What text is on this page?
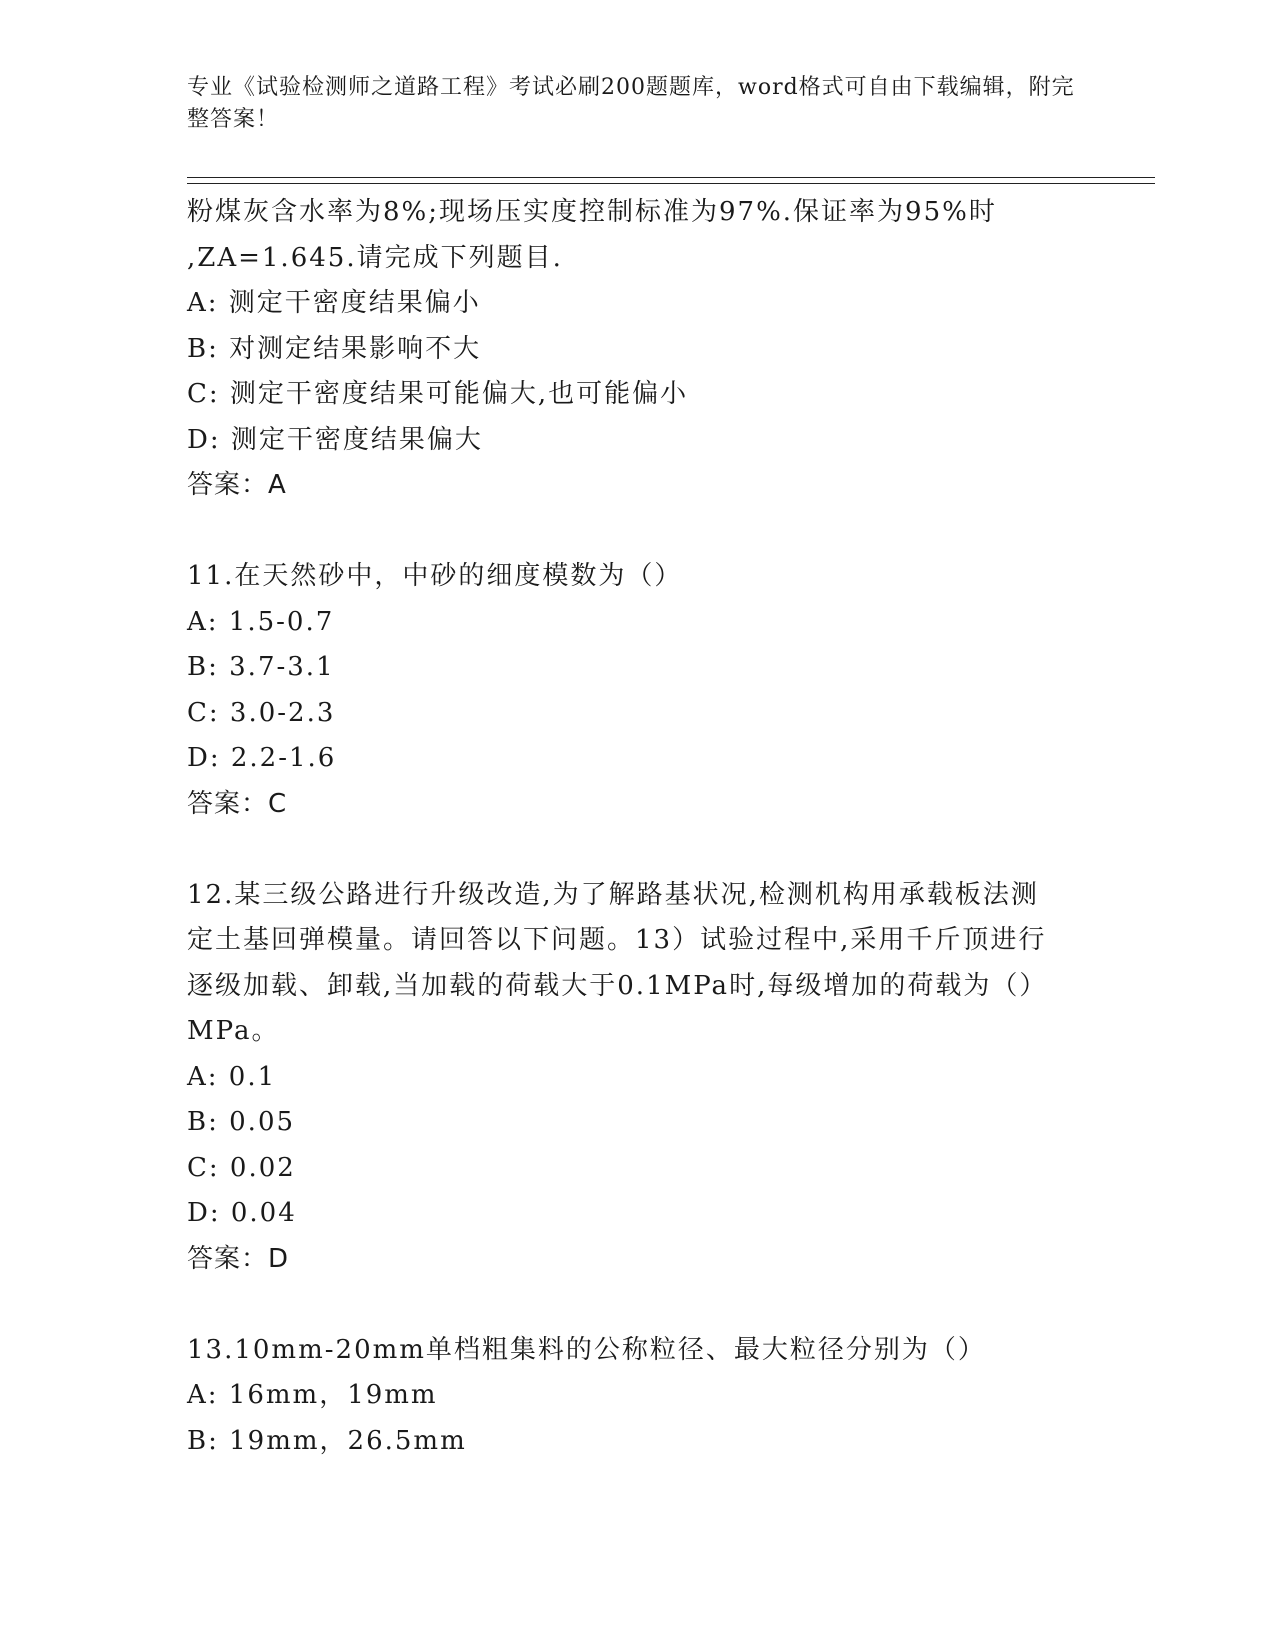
专业《试验检测师之道路工程》考试必刷200题题库，word格式可自由下载编辑，附完整答案！
粉煤灰含水率为8%;现场压实度控制标准为97%.保证率为95%时
,ZA=1.645.请完成下列题目.
A: 测定干密度结果偏小
B: 对测定结果影响不大
C: 测定干密度结果可能偏大,也可能偏小
D: 测定干密度结果偏大
答案：A
11.在天然砂中，中砂的细度模数为（）
A: 1.5-0.7
B: 3.7-3.1
C: 3.0-2.3
D: 2.2-1.6
答案：C
12.某三级公路进行升级改造,为了解路基状况,检测机构用承载板法测
定土基回弹模量。请回答以下问题。13）试验过程中,采用千斤顶进行
逐级加载、卸载,当加载的荷载大于0.1MPa时,每级增加的荷载为（）
MPa。
A: 0.1
B: 0.05
C: 0.02
D: 0.04
答案：D
13.10mm-20mm单档粗集料的公称粒径、最大粒径分别为（）
A: 16mm，19mm
B: 19mm，26.5mm
